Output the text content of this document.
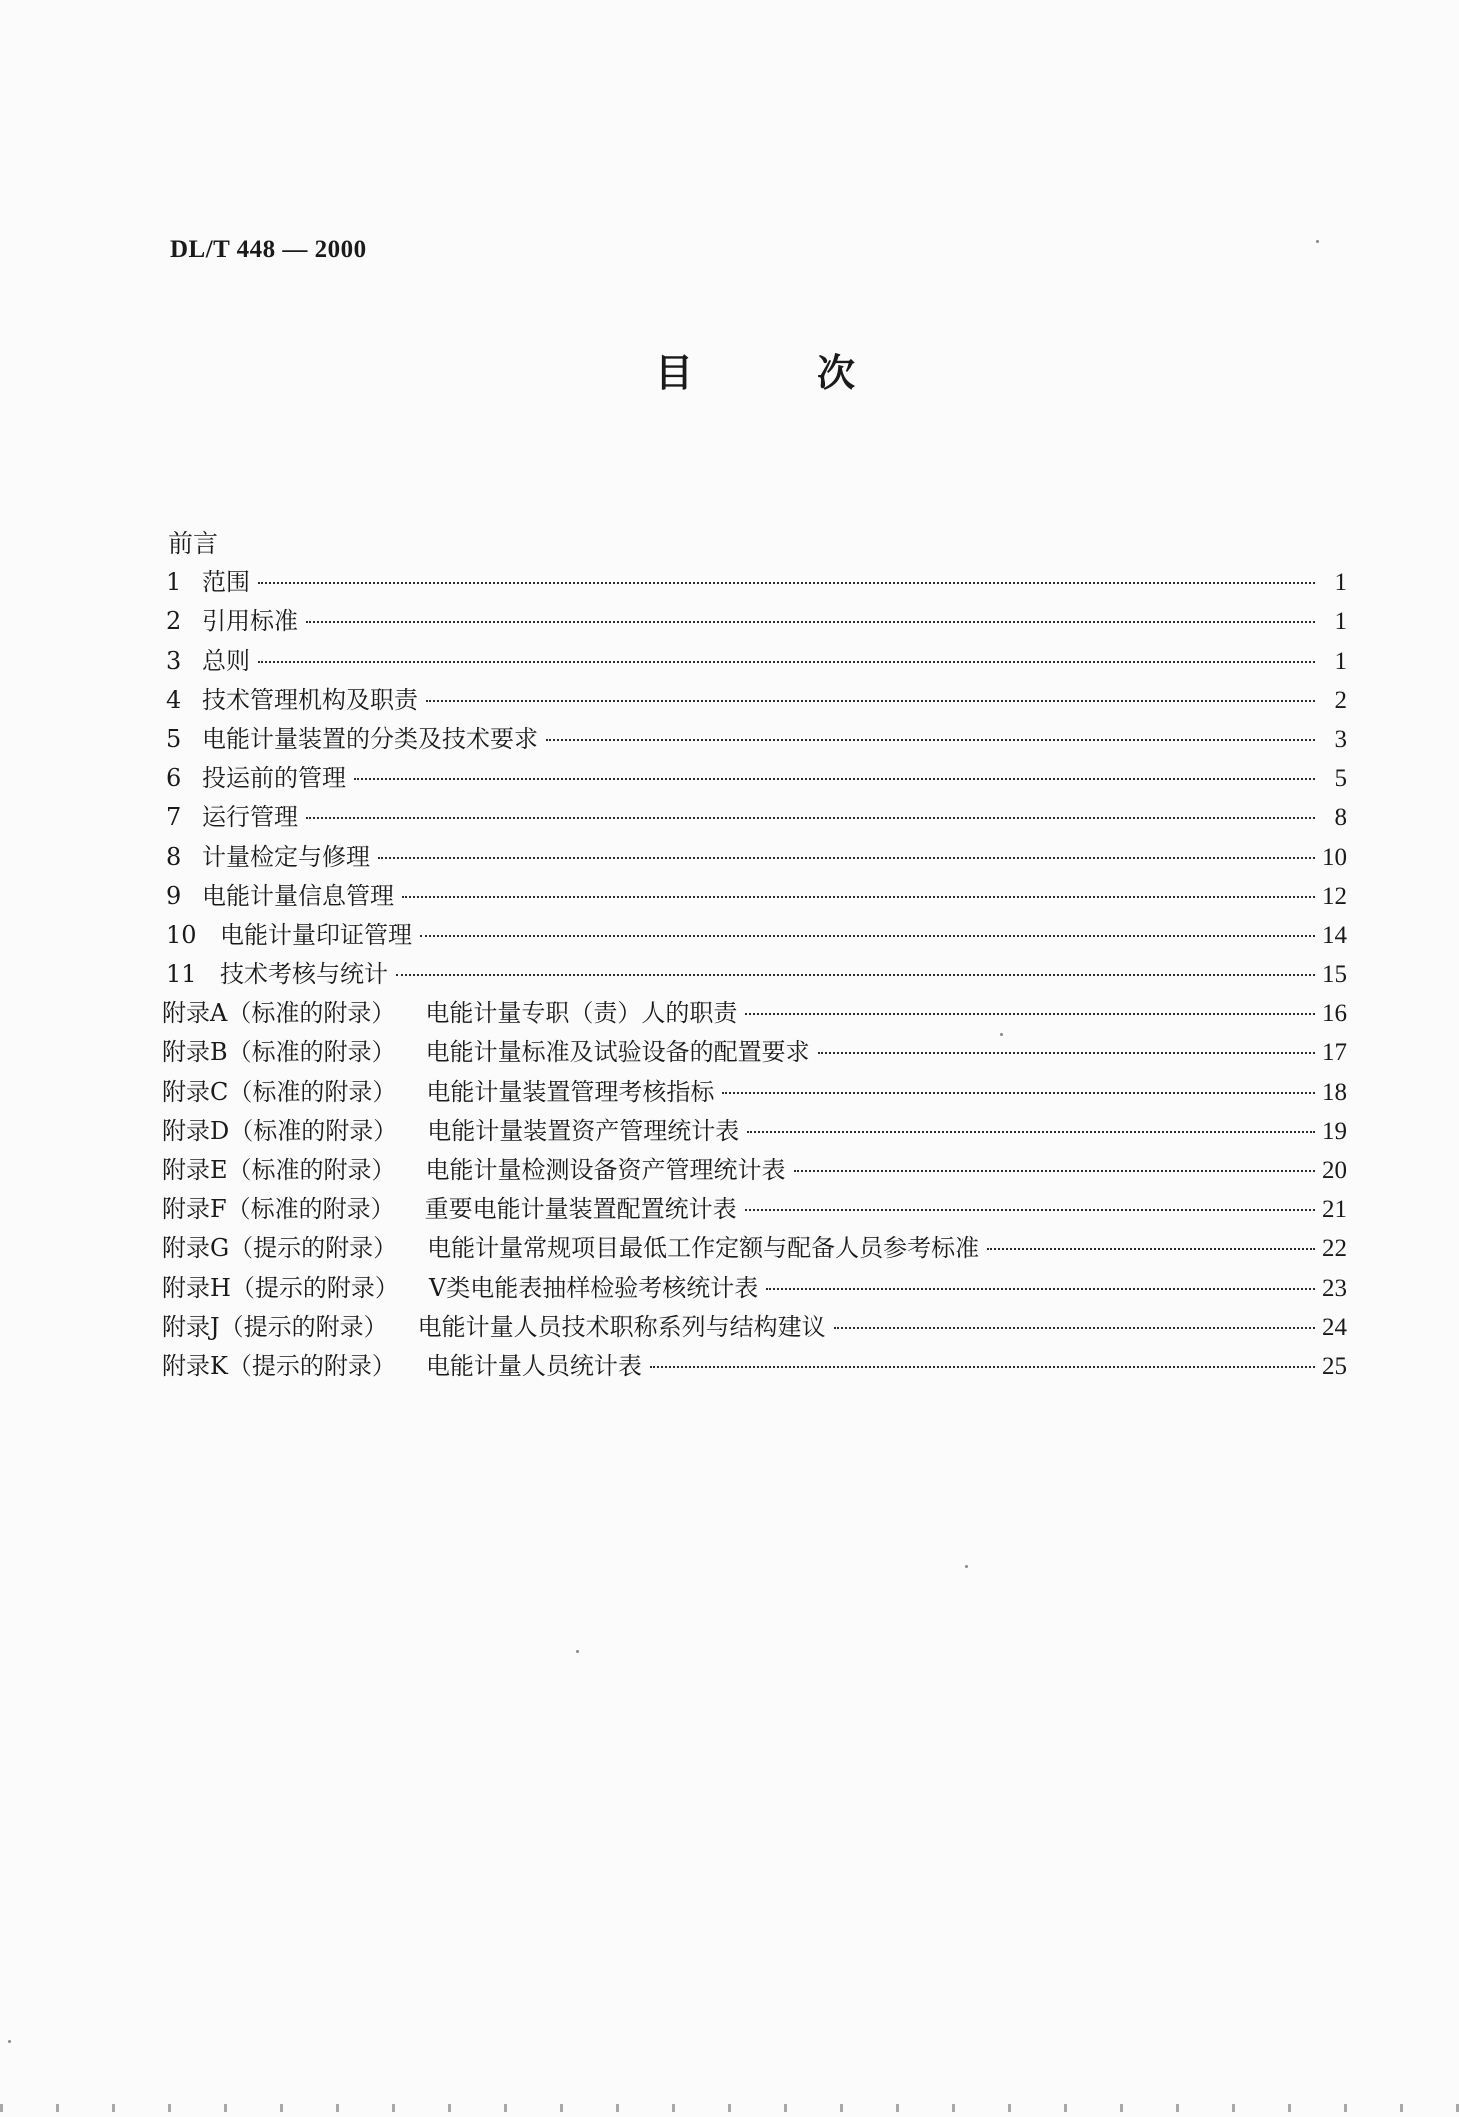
DL/T 448 — 2000
目	次
前言
1 范围	1
2 引用标准	1
3 总则	1
4 技术管理机构及职责	2
5 电能计量装置的分类及技术要求	3
6 投运前的管理	5
7 运行管理	8
8 计量检定与修理	10
9 电能计量信息管理	12
10 电能计量印证管理	14
11 技术考核与统计	15
附录A（标准的附录） 电能计量专职（责）人的职责	16
附录B（标准的附录） 电能计量标准及试验设备的配置要求	17
附录C（标准的附录） 电能计量装置管理考核指标	18
附录D（标准的附录） 电能计量装置资产管理统计表	19
附录E（标准的附录） 电能计量检测设备资产管理统计表	20
附录F（标准的附录） 重要电能计量装置配置统计表	21
附录G（提示的附录） 电能计量常规项目最低工作定额与配备人员参考标准	22
附录H（提示的附录） Ⅴ类电能表抽样检验考核统计表	23
附录J（提示的附录） 电能计量人员技术职称系列与结构建议	24
附录K（提示的附录） 电能计量人员统计表	25
